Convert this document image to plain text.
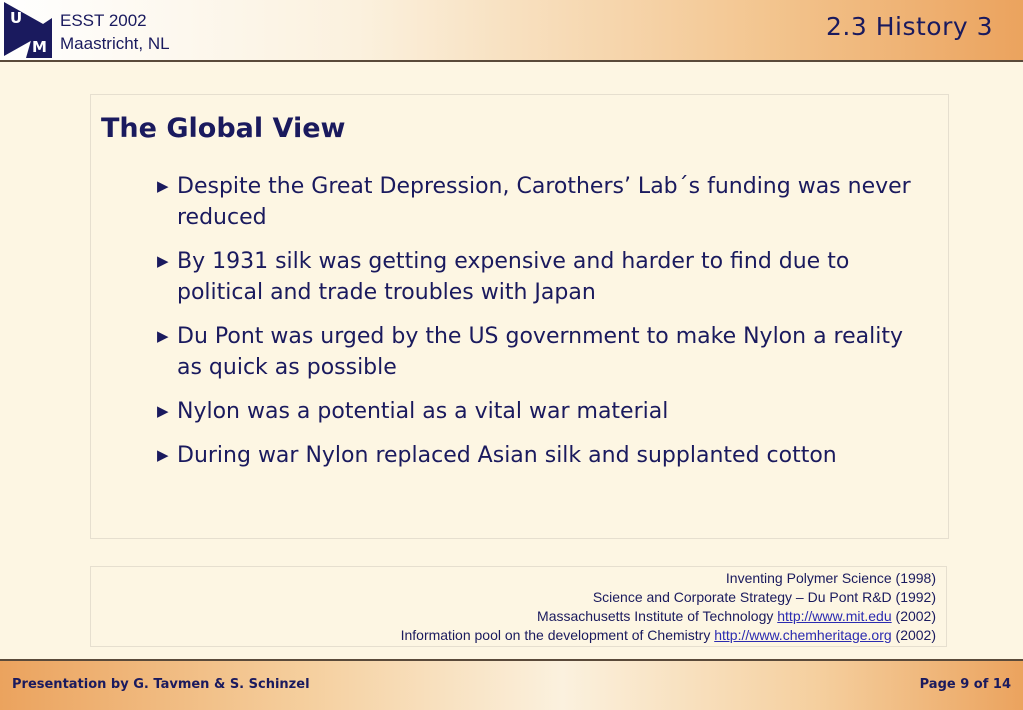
U
M
ESST 2002
Maastricht, NL
2.3 History 3
The Global View
▶ Despite the Great Depression, Carothers’ Lab´s funding was never reduced
▶ By 1931 silk was getting expensive and harder to find due to political and trade troubles with Japan
▶ Du Pont was urged by the US government to make Nylon a reality as quick as possible
▶ Nylon was a potential as a vital war material
▶ During war Nylon replaced Asian silk and supplanted cotton
Inventing Polymer Science (1998)
Science and Corporate Strategy – Du Pont R&D (1992)
Massachusetts Institute of Technology http://www.mit.edu (2002)
Information pool on the development of Chemistry http://www.chemheritage.org (2002)
Presentation by G. Tavmen & S. Schinzel	Page 9 of 14
